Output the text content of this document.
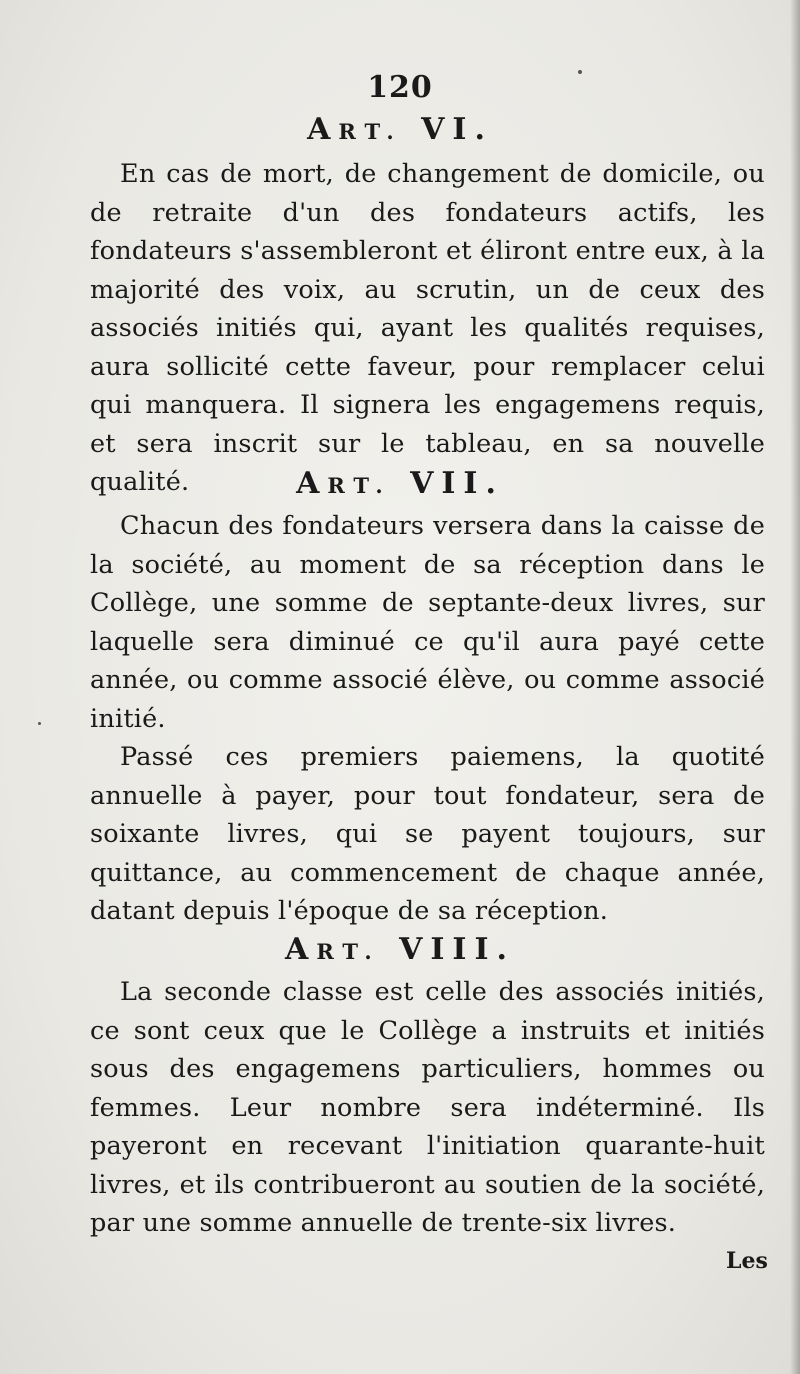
120
ART. VI.

En cas de mort, de changement de domicile, ou de retraite d'un des fondateurs actifs, les fondateurs s'assembleront et éliront entre eux, à la majorité des voix, au scrutin, un de ceux des associés initiés qui, ayant les qualités requises, aura sollicité cette faveur, pour remplacer celui qui manquera. Il signera les engagemens requis, et sera inscrit sur le tableau, en sa nouvelle qualité.	ART. VII.

Chacun des fondateurs versera dans la caisse de la société, au moment de sa réception dans le Collège, une somme de septante-deux livres, sur laquelle sera diminué ce qu'il aura payé cette année, ou comme associé élève, ou comme associé initié.

Passé ces premiers paiemens, la quotité annuelle à payer, pour tout fondateur, sera de soixante livres, qui se payent toujours, sur quittance, au commencement de chaque année, datant depuis l'époque de sa réception.

ART. VIII.

La seconde classe est celle des associés initiés, ce sont ceux que le Collège a instruits et initiés sous des engagemens particuliers, hommes ou femmes. Leur nombre sera indéterminé. Ils payeront en recevant l'initiation quarante-huit livres, et ils contribueront au soutien de la société, par une somme annuelle de trente-six livres.

Les
